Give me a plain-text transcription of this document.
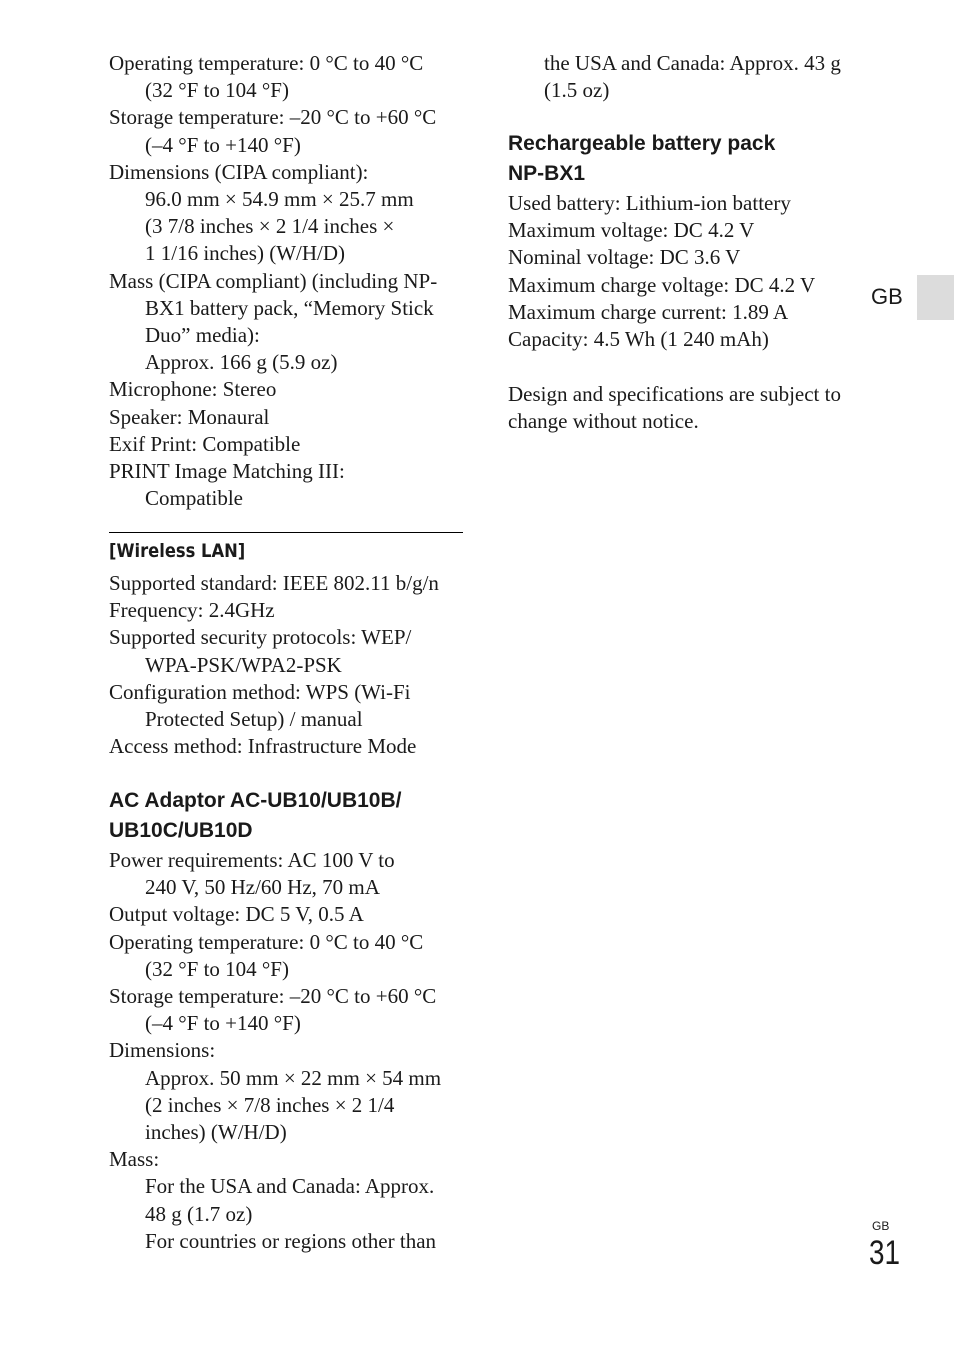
Operating temperature: 0 °C to 40 °C
(32 °F to 104 °F)
Storage temperature: –20 °C to +60 °C
(–4 °F to +140 °F)
Dimensions (CIPA compliant):
96.0 mm × 54.9 mm × 25.7 mm
(3 7/8 inches × 2 1/4 inches ×
1 1/16 inches) (W/H/D)
Mass (CIPA compliant) (including NP-
BX1 battery pack, “Memory Stick
Duo” media):
Approx. 166 g (5.9 oz)
Microphone: Stereo
Speaker: Monaural
Exif Print: Compatible
PRINT Image Matching III:
Compatible
[Wireless LAN]
Supported standard: IEEE 802.11 b/g/n
Frequency: 2.4GHz
Supported security protocols: WEP/
WPA-PSK/WPA2-PSK
Configuration method: WPS (Wi-Fi
Protected Setup) / manual
Access method: Infrastructure Mode
AC Adaptor AC-UB10/UB10B/
UB10C/UB10D
Power requirements: AC 100 V to
240 V, 50 Hz/60 Hz, 70 mA
Output voltage: DC 5 V, 0.5 A
Operating temperature: 0 °C to 40 °C
(32 °F to 104 °F)
Storage temperature: –20 °C to +60 °C
(–4 °F to +140 °F)
Dimensions:
Approx. 50 mm × 22 mm × 54 mm
(2 inches × 7/8 inches × 2 1/4
inches) (W/H/D)
Mass:
For the USA and Canada: Approx.
48 g (1.7 oz)
For countries or regions other than
the USA and Canada: Approx. 43 g
(1.5 oz)
Rechargeable battery pack
NP-BX1
Used battery: Lithium-ion battery
Maximum voltage: DC 4.2 V
Nominal voltage: DC 3.6 V
Maximum charge voltage: DC 4.2 V
Maximum charge current: 1.89 A
Capacity: 4.5 Wh (1 240 mAh)
Design and specifications are subject to
change without notice.
GB
GB
31
